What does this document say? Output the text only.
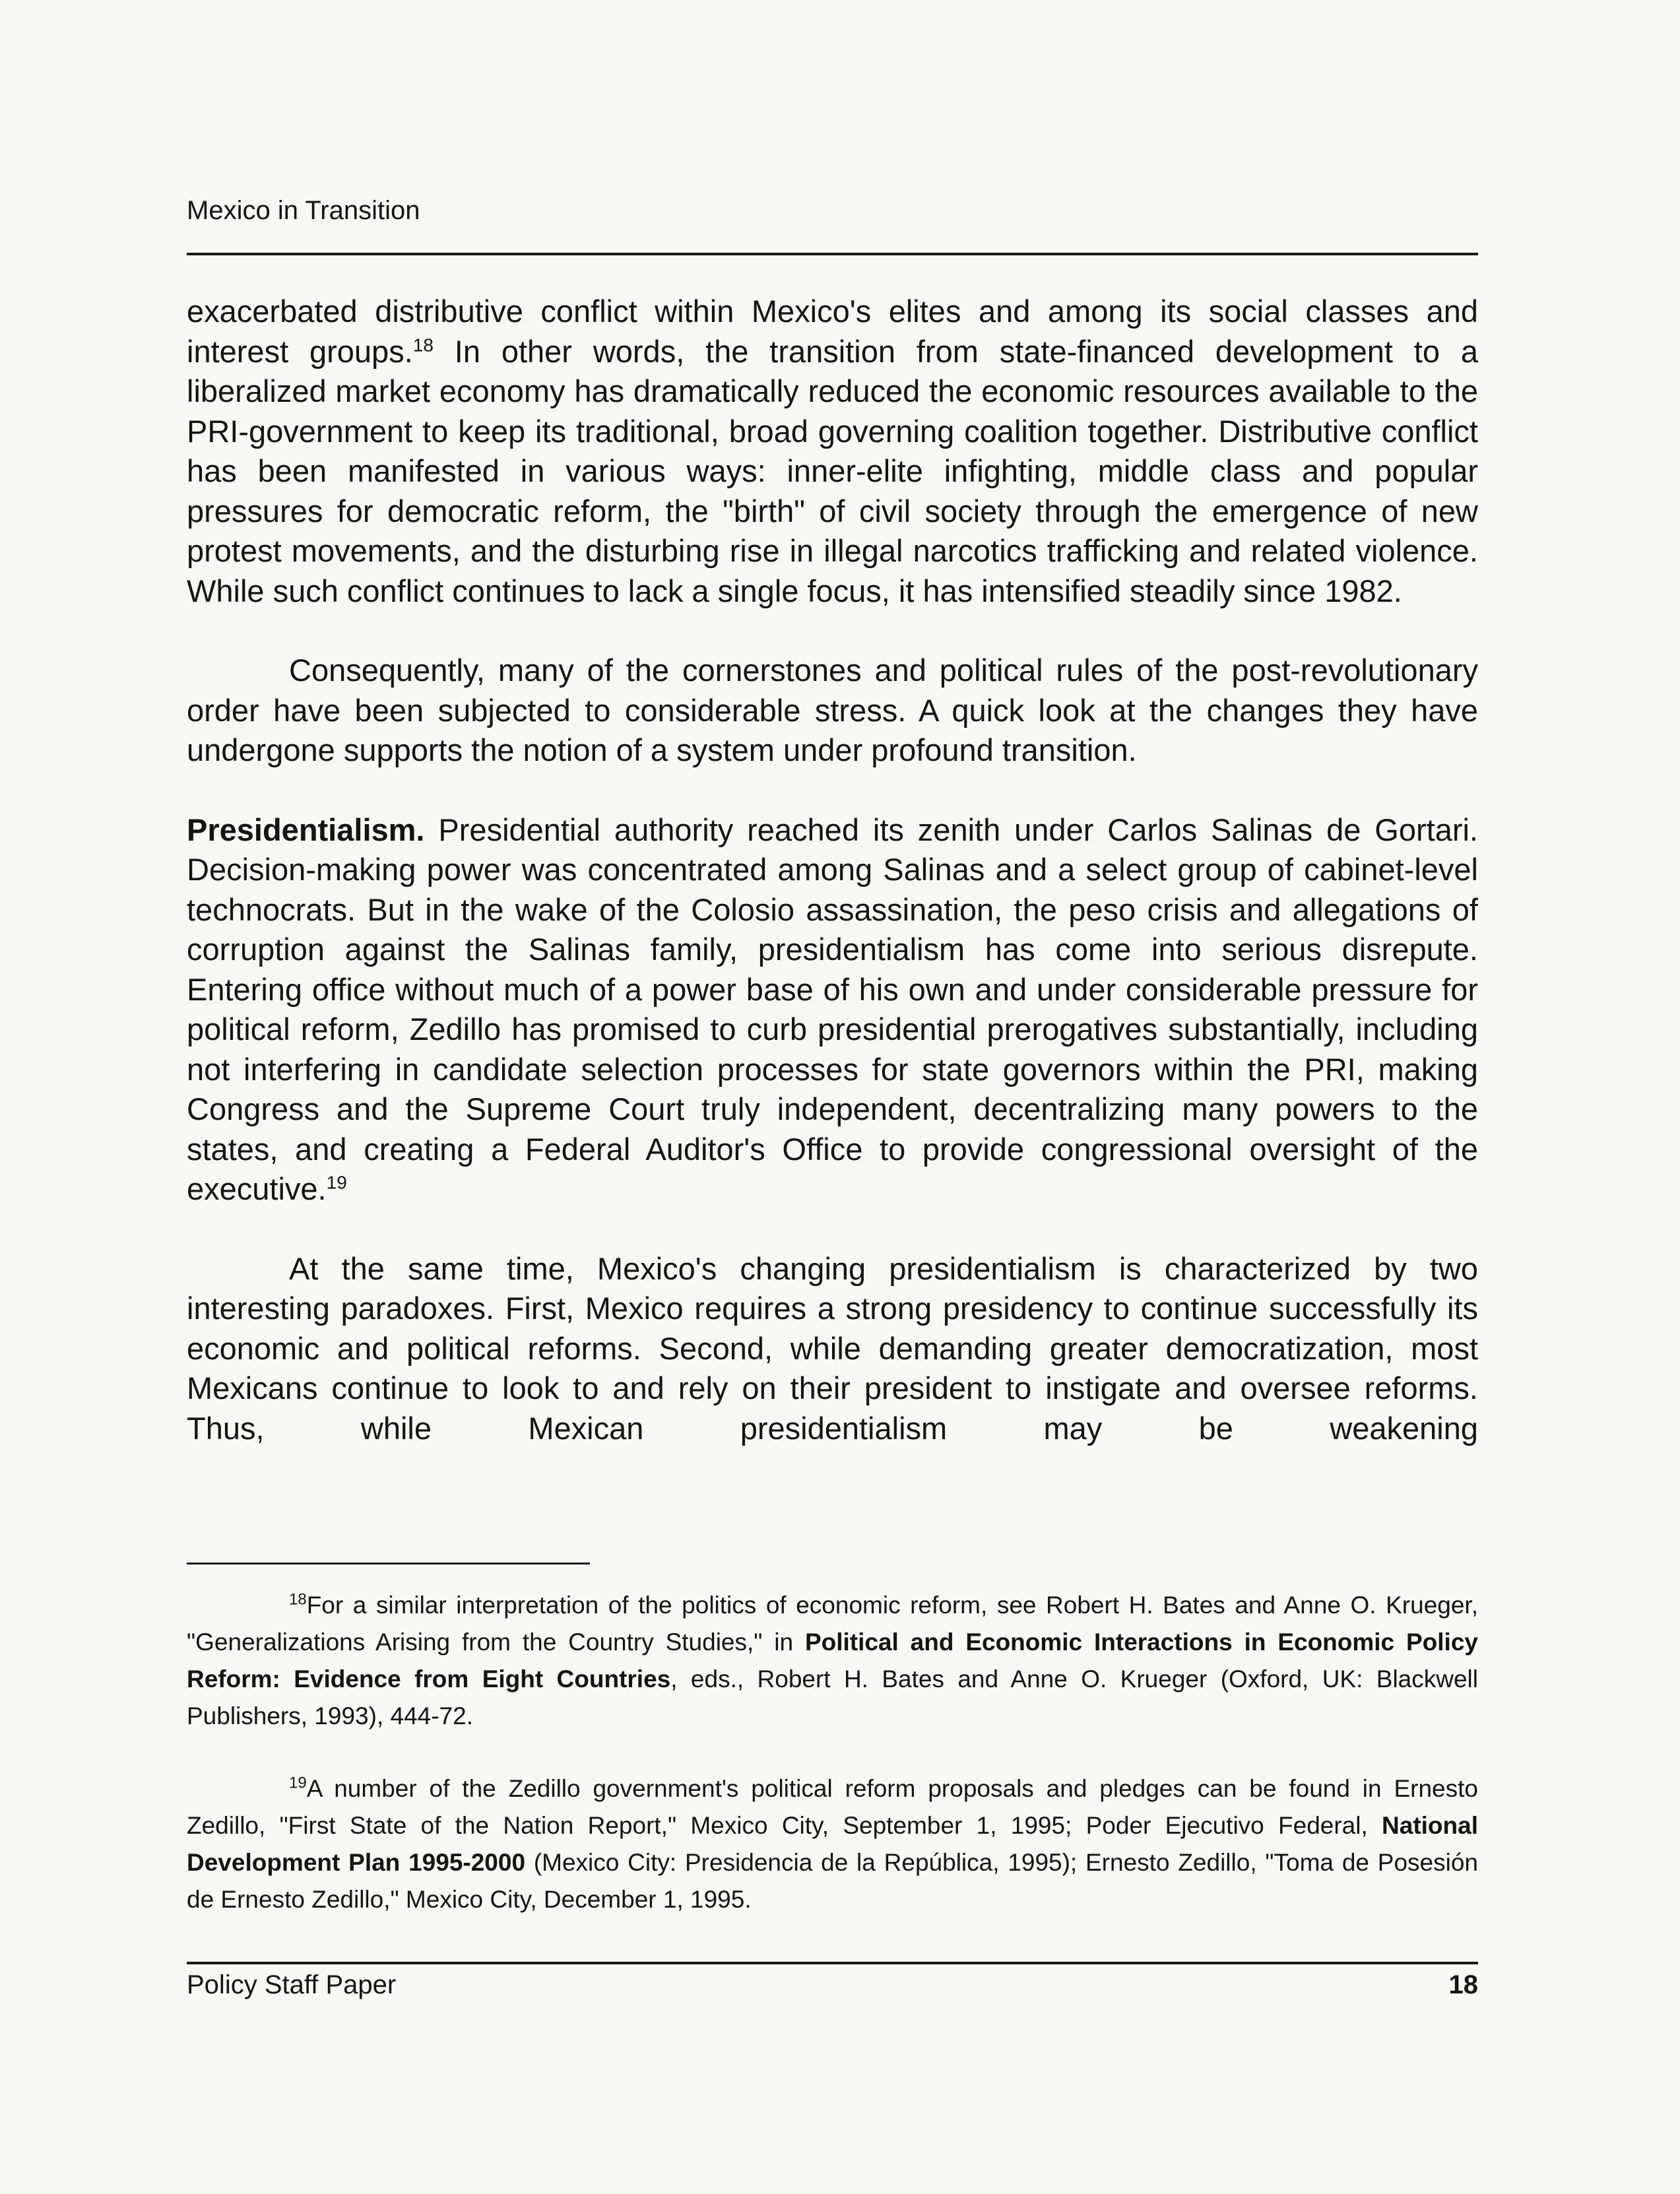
Mexico in Transition

exacerbated distributive conflict within Mexico's elites and among its social classes and interest groups.$^{18}$ In other words, the transition from state-financed development to a liberalized market economy has dramatically reduced the economic resources available to the PRI-government to keep its traditional, broad governing coalition together. Distributive conflict has been manifested in various ways: inner-elite infighting, middle class and popular pressures for democratic reform, the "birth" of civil society through the emergence of new protest movements, and the disturbing rise in illegal narcotics trafficking and related violence. While such conflict continues to lack a single focus, it has intensified steadily since 1982.

Consequently, many of the cornerstones and political rules of the post-revolutionary order have been subjected to considerable stress. A quick look at the changes they have undergone supports the notion of a system under profound transition.

Presidentialism. Presidential authority reached its zenith under Carlos Salinas de Gortari. Decision-making power was concentrated among Salinas and a select group of cabinet-level technocrats. But in the wake of the Colosio assassination, the peso crisis and allegations of corruption against the Salinas family, presidentialism has come into serious disrepute. Entering office without much of a power base of his own and under considerable pressure for political reform, Zedillo has promised to curb presidential prerogatives substantially, including not interfering in candidate selection processes for state governors within the PRI, making Congress and the Supreme Court truly independent, decentralizing many powers to the states, and creating a Federal Auditor's Office to provide congressional oversight of the executive.$^{19}$

At the same time, Mexico's changing presidentialism is characterized by two interesting paradoxes. First, Mexico requires a strong presidency to continue successfully its economic and political reforms. Second, while demanding greater democratization, most Mexicans continue to look to and rely on their president to instigate and oversee reforms. Thus, while Mexican presidentialism may be weakening

$^{18}$For a similar interpretation of the politics of economic reform, see Robert H. Bates and Anne O. Krueger, "Generalizations Arising from the Country Studies," in Political and Economic Interactions in Economic Policy Reform: Evidence from Eight Countries, eds., Robert H. Bates and Anne O. Krueger (Oxford, UK: Blackwell Publishers, 1993), 444-72.

$^{19}$A number of the Zedillo government's political reform proposals and pledges can be found in Ernesto Zedillo, "First State of the Nation Report," Mexico City, September 1, 1995; Poder Ejecutivo Federal, National Development Plan 1995-2000 (Mexico City: Presidencia de la República, 1995); Ernesto Zedillo, "Toma de Posesión de Ernesto Zedillo," Mexico City, December 1, 1995.

Policy Staff Paper	18
